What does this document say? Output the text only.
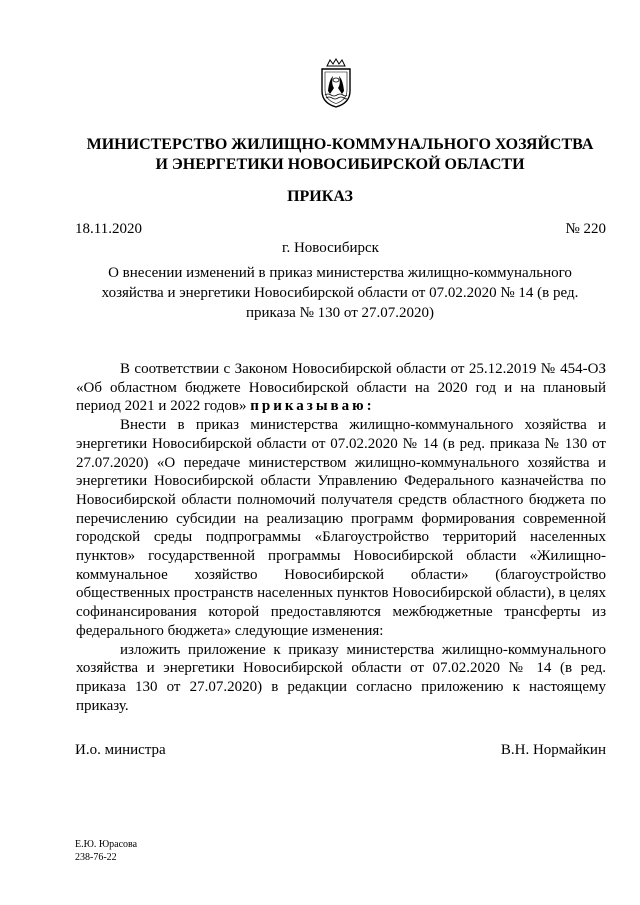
МИНИСТЕРСТВО ЖИЛИЩНО-КОММУНАЛЬНОГО ХОЗЯЙСТВА
И ЭНЕРГЕТИКИ НОВОСИБИРСКОЙ ОБЛАСТИ
ПРИКАЗ
18.11.2020	№ 220
г. Новосибирск
О внесении изменений в приказ министерства жилищно-коммунального хозяйства и энергетики Новосибирской области от 07.02.2020 № 14 (в ред. приказа № 130 от 27.07.2020)

В соответствии с Законом Новосибирской области от 25.12.2019 № 454-ОЗ «Об областном бюджете Новосибирской области на 2020 год и на плановый период 2021 и 2022 годов» приказываю:

Внести в приказ министерства жилищно-коммунального хозяйства и энергетики Новосибирской области от 07.02.2020 № 14 (в ред. приказа № 130 от 27.07.2020) «О передаче министерством жилищно-коммунального хозяйства и энергетики Новосибирской области Управлению Федерального казначейства по Новосибирской области полномочий получателя средств областного бюджета по перечислению субсидии на реализацию программ формирования современной городской среды подпрограммы «Благоустройство территорий населенных пунктов» государственной программы Новосибирской области «Жилищно-коммунальное хозяйство Новосибирской области» (благоустройство общественных пространств населенных пунктов Новосибирской области), в целях софинансирования которой предоставляются межбюджетные трансферты из федерального бюджета» следующие изменения:

изложить приложение к приказу министерства жилищно-коммунального хозяйства и энергетики Новосибирской области от 07.02.2020 № 14 (в ред. приказа 130 от 27.07.2020) в редакции согласно приложению к настоящему приказу.

И.о. министра	В.Н. Нормайкин
Е.Ю. Юрасова
238-76-22
